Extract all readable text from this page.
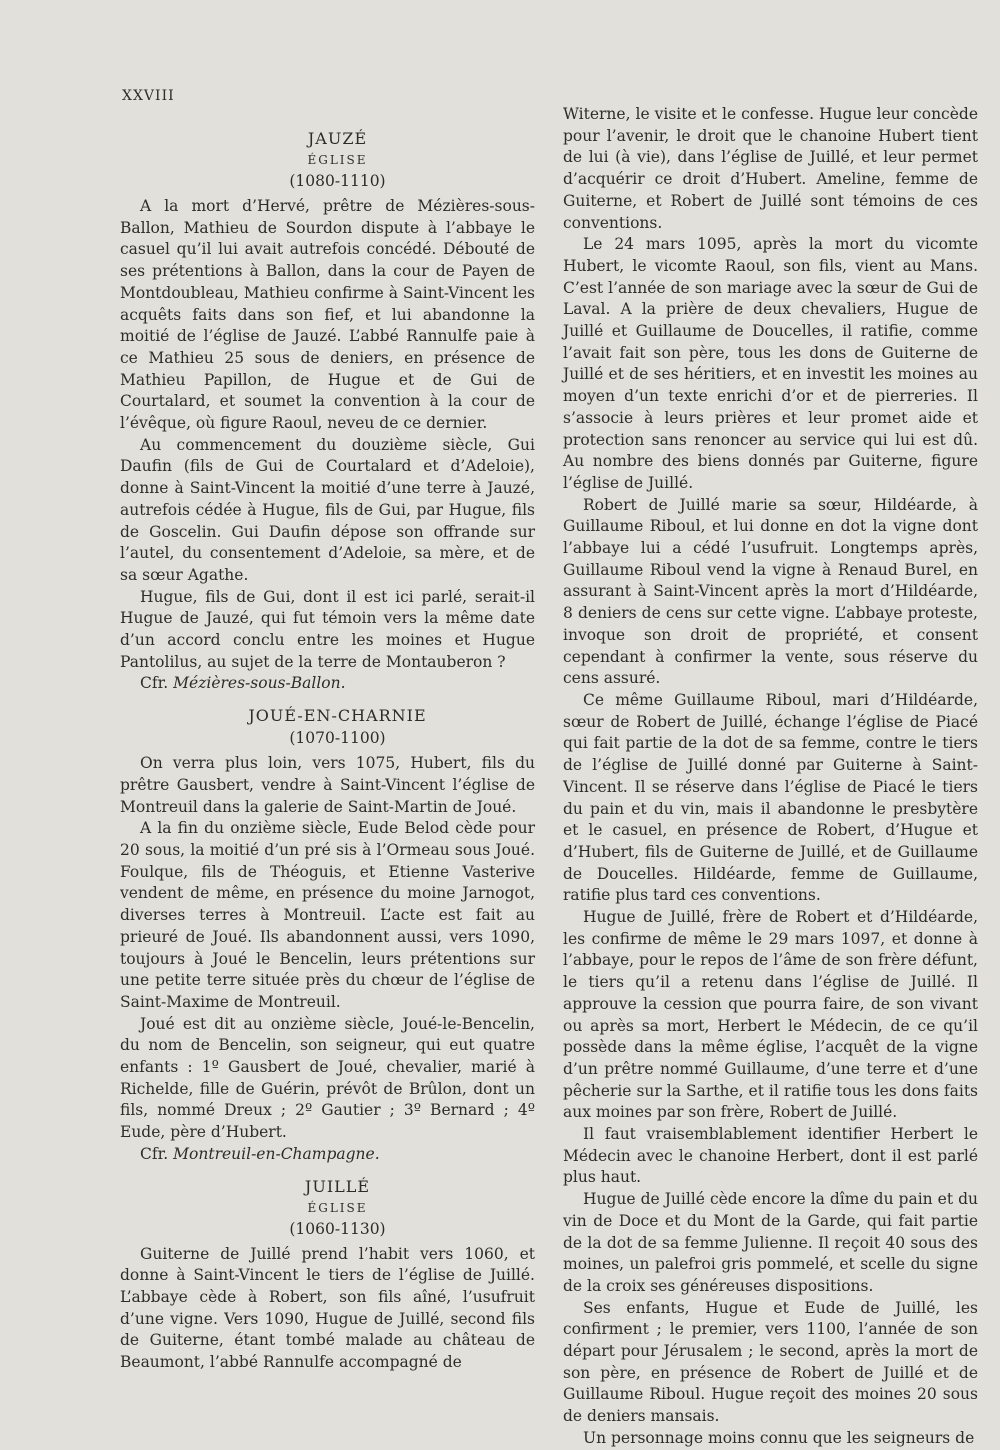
XXVIII

JAUZÉ

ÉGLISE

(1080-1110)

A la mort d’Hervé, prêtre de Mézières-sous-Ballon, Mathieu de Sourdon dispute à l’abbaye le casuel qu’il lui avait autrefois concédé. Débouté de ses prétentions à Ballon, dans la cour de Payen de Montdoubleau, Mathieu confirme à Saint-Vincent les acquêts faits dans son fief, et lui abandonne la moitié de l’église de Jauzé. L’abbé Rannulfe paie à ce Mathieu 25 sous de deniers, en présence de Mathieu Papillon, de Hugue et de Gui de Courtalard, et soumet la convention à la cour de l’évêque, où figure Raoul, neveu de ce dernier.

Au commencement du douzième siècle, Gui Daufin (fils de Gui de Courtalard et d’Adeloie), donne à Saint-Vincent la moitié d’une terre à Jauzé, autrefois cédée à Hugue, fils de Gui, par Hugue, fils de Goscelin. Gui Daufin dépose son offrande sur l’autel, du consentement d’Adeloie, sa mère, et de sa sœur Agathe.

Hugue, fils de Gui, dont il est ici parlé, serait-il Hugue de Jauzé, qui fut témoin vers la même date d’un accord conclu entre les moines et Hugue Pantolilus, au sujet de la terre de Montauberon ?

Cfr. Mézières-sous-Ballon.

JOUÉ-EN-CHARNIE

(1070-1100)

On verra plus loin, vers 1075, Hubert, fils du prêtre Gausbert, vendre à Saint-Vincent l’église de Montreuil dans la galerie de Saint-Martin de Joué.

A la fin du onzième siècle, Eude Belod cède pour 20 sous, la moitié d’un pré sis à l’Ormeau sous Joué. Foulque, fils de Théoguis, et Etienne Vasterive vendent de même, en présence du moine Jarnogot, diverses terres à Montreuil. L’acte est fait au prieuré de Joué. Ils abandonnent aussi, vers 1090, toujours à Joué le Bencelin, leurs prétentions sur une petite terre située près du chœur de l’église de Saint-Maxime de Montreuil.

Joué est dit au onzième siècle, Joué-le-Bencelin, du nom de Bencelin, son seigneur, qui eut quatre enfants : 1º Gausbert de Joué, chevalier, marié à Richelde, fille de Guérin, prévôt de Brûlon, dont un fils, nommé Dreux ; 2º Gautier ; 3º Bernard ; 4º Eude, père d’Hubert.

Cfr. Montreuil-en-Champagne.

JUILLÉ

ÉGLISE

(1060-1130)

Guiterne de Juillé prend l’habit vers 1060, et donne à Saint-Vincent le tiers de l’église de Juillé. L’abbaye cède à Robert, son fils aîné, l’usufruit d’une vigne. Vers 1090, Hugue de Juillé, second fils de Guiterne, étant tombé malade au château de Beaumont, l’abbé Rannulfe accompagné de

Witerne, le visite et le confesse. Hugue leur concède pour l’avenir, le droit que le chanoine Hubert tient de lui (à vie), dans l’église de Juillé, et leur permet d’acquérir ce droit d’Hubert. Ameline, femme de Guiterne, et Robert de Juillé sont témoins de ces conventions.

Le 24 mars 1095, après la mort du vicomte Hubert, le vicomte Raoul, son fils, vient au Mans. C’est l’année de son mariage avec la sœur de Gui de Laval. A la prière de deux chevaliers, Hugue de Juillé et Guillaume de Doucelles, il ratifie, comme l’avait fait son père, tous les dons de Guiterne de Juillé et de ses héritiers, et en investit les moines au moyen d’un texte enrichi d’or et de pierreries. Il s’associe à leurs prières et leur promet aide et protection sans renoncer au service qui lui est dû. Au nombre des biens donnés par Guiterne, figure l’église de Juillé.

Robert de Juillé marie sa sœur, Hildéarde, à Guillaume Riboul, et lui donne en dot la vigne dont l’abbaye lui a cédé l’usufruit. Longtemps après, Guillaume Riboul vend la vigne à Renaud Burel, en assurant à Saint-Vincent après la mort d’Hildéarde, 8 deniers de cens sur cette vigne. L’abbaye proteste, invoque son droit de propriété, et consent cependant à confirmer la vente, sous réserve du cens assuré.

Ce même Guillaume Riboul, mari d’Hildéarde, sœur de Robert de Juillé, échange l’église de Piacé qui fait partie de la dot de sa femme, contre le tiers de l’église de Juillé donné par Guiterne à Saint-Vincent. Il se réserve dans l’église de Piacé le tiers du pain et du vin, mais il abandonne le presbytère et le casuel, en présence de Robert, d’Hugue et d’Hubert, fils de Guiterne de Juillé, et de Guillaume de Doucelles. Hildéarde, femme de Guillaume, ratifie plus tard ces conventions.

Hugue de Juillé, frère de Robert et d’Hildéarde, les confirme de même le 29 mars 1097, et donne à l’abbaye, pour le repos de l’âme de son frère défunt, le tiers qu’il a retenu dans l’église de Juillé. Il approuve la cession que pourra faire, de son vivant ou après sa mort, Herbert le Médecin, de ce qu’il possède dans la même église, l’acquêt de la vigne d’un prêtre nommé Guillaume, d’une terre et d’une pêcherie sur la Sarthe, et il ratifie tous les dons faits aux moines par son frère, Robert de Juillé.

Il faut vraisemblablement identifier Herbert le Médecin avec le chanoine Herbert, dont il est parlé plus haut.

Hugue de Juillé cède encore la dîme du pain et du vin de Doce et du Mont de la Garde, qui fait partie de la dot de sa femme Julienne. Il reçoit 40 sous des moines, un palefroi gris pommelé, et scelle du signe de la croix ses généreuses dispositions.

Ses enfants, Hugue et Eude de Juillé, les confirment ; le premier, vers 1100, l’année de son départ pour Jérusalem ; le second, après la mort de son père, en présence de Robert de Juillé et de Guillaume Riboul. Hugue reçoit des moines 20 sous de deniers mansais.

Un personnage moins connu que les seigneurs de
